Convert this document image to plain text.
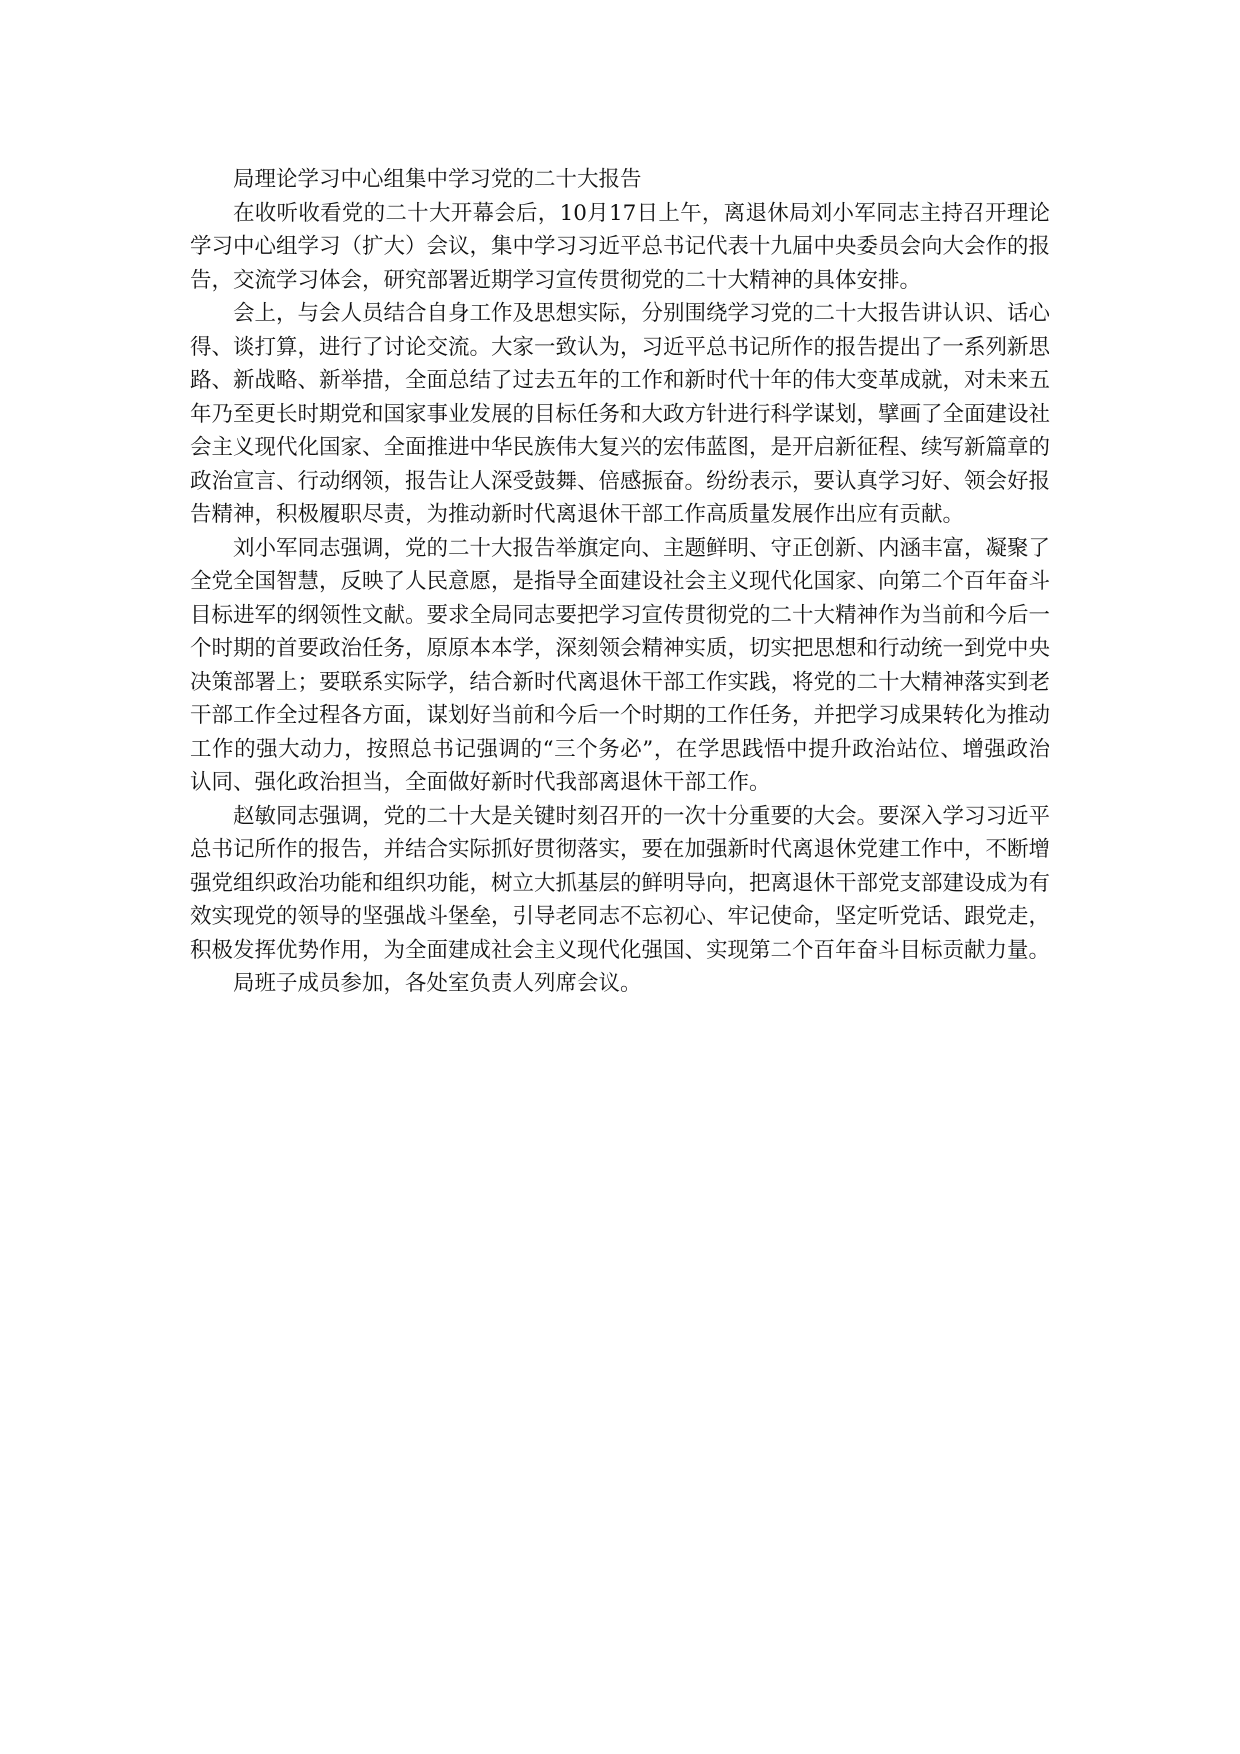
局理论学习中心组集中学习党的二十大报告

在收听收看党的二十大开幕会后，10月17日上午，离退休局刘小军同志主持召开理论学习中心组学习（扩大）会议，集中学习习近平总书记代表十九届中央委员会向大会作的报告，交流学习体会，研究部署近期学习宣传贯彻党的二十大精神的具体安排。

会上，与会人员结合自身工作及思想实际，分别围绕学习党的二十大报告讲认识、话心得、谈打算，进行了讨论交流。大家一致认为，习近平总书记所作的报告提出了一系列新思路、新战略、新举措，全面总结了过去五年的工作和新时代十年的伟大变革成就，对未来五年乃至更长时期党和国家事业发展的目标任务和大政方针进行科学谋划，擘画了全面建设社会主义现代化国家、全面推进中华民族伟大复兴的宏伟蓝图，是开启新征程、续写新篇章的政治宣言、行动纲领，报告让人深受鼓舞、倍感振奋。纷纷表示，要认真学习好、领会好报告精神，积极履职尽责，为推动新时代离退休干部工作高质量发展作出应有贡献。

刘小军同志强调，党的二十大报告举旗定向、主题鲜明、守正创新、内涵丰富，凝聚了全党全国智慧，反映了人民意愿，是指导全面建设社会主义现代化国家、向第二个百年奋斗目标进军的纲领性文献。要求全局同志要把学习宣传贯彻党的二十大精神作为当前和今后一个时期的首要政治任务，原原本本学，深刻领会精神实质，切实把思想和行动统一到党中央决策部署上；要联系实际学，结合新时代离退休干部工作实践，将党的二十大精神落实到老干部工作全过程各方面，谋划好当前和今后一个时期的工作任务，并把学习成果转化为推动工作的强大动力，按照总书记强调的“三个务必”，在学思践悟中提升政治站位、增强政治认同、强化政治担当，全面做好新时代我部离退休干部工作。

赵敏同志强调，党的二十大是关键时刻召开的一次十分重要的大会。要深入学习习近平总书记所作的报告，并结合实际抓好贯彻落实，要在加强新时代离退休党建工作中，不断增强党组织政治功能和组织功能，树立大抓基层的鲜明导向，把离退休干部党支部建设成为有效实现党的领导的坚强战斗堡垒，引导老同志不忘初心、牢记使命，坚定听党话、跟党走，积极发挥优势作用，为全面建成社会主义现代化强国、实现第二个百年奋斗目标贡献力量。

局班子成员参加，各处室负责人列席会议。
